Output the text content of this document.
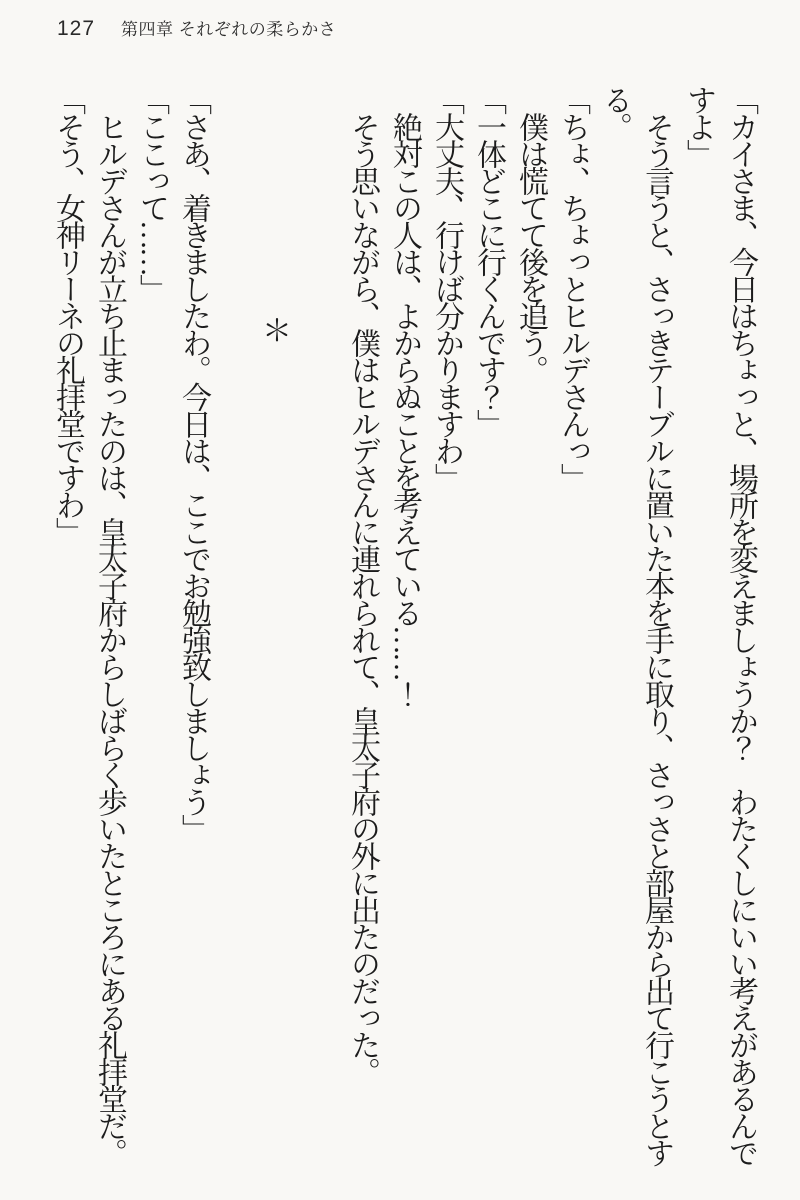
127 第四章 それぞれの柔らかさ

「カイさま、今日はちょっと、場所を変えましょうか？　わたくしにいい考えがあるんですよ」

　そう言うと、さっきテーブルに置いた本を手に取り、さっさと部屋から出て行こうとする。

「ちょ、ちょっとヒルデさんっ」

　僕は慌てて後を追う。

「一体どこに行くんです？」

「大丈夫、行けば分かりますわ」

　絶対この人は、よからぬことを考えている……！

　そう思いながら、僕はヒルデさんに連れられて、皇太子府の外に出たのだった。

＊

「さあ、着きましたわ。今日は、ここでお勉強致しましょう」

「ここって……」

　ヒルデさんが立ち止まったのは、皇太子府からしばらく歩いたところにある礼拝堂だ。

「そう、女神リーネの礼拝堂ですわ」
